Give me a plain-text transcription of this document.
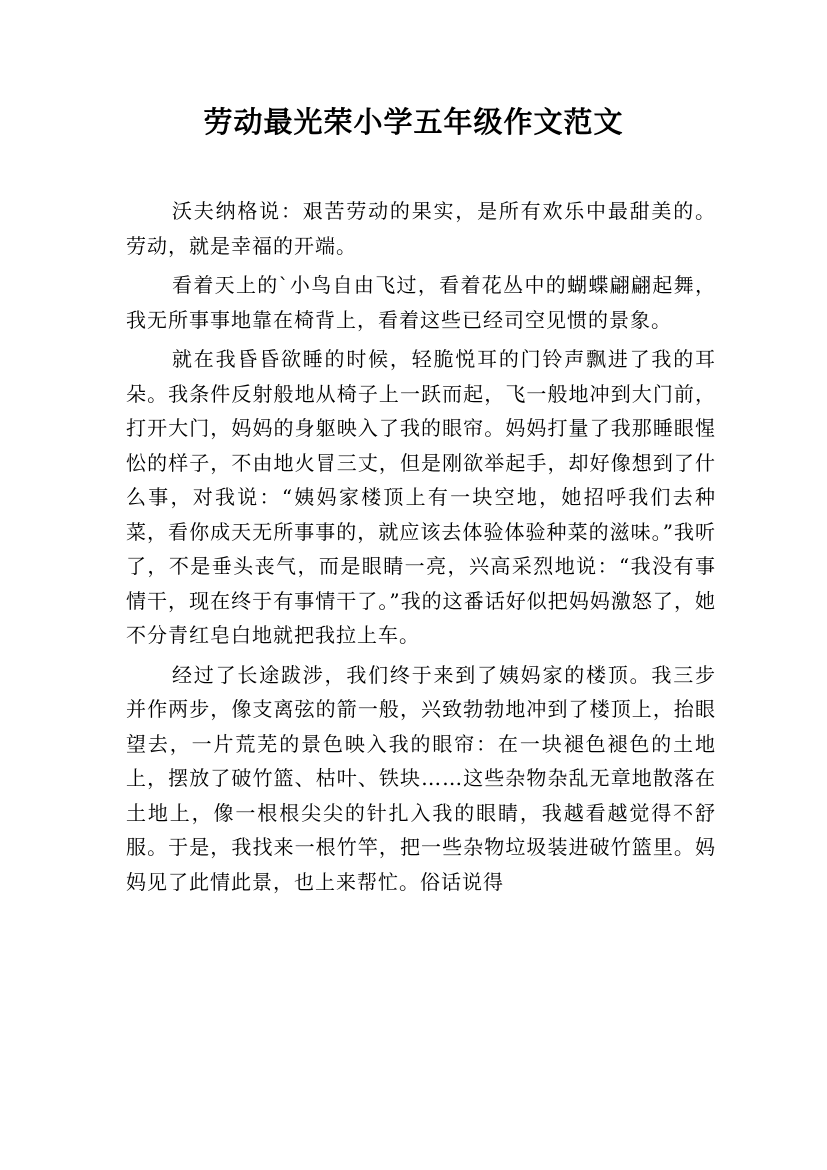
劳动最光荣小学五年级作文范文

沃夫纳格说：艰苦劳动的果实，是所有欢乐中最甜美的。劳动，就是幸福的开端。

看着天上的`小鸟自由飞过，看着花丛中的蝴蝶翩翩起舞，我无所事事地靠在椅背上，看着这些已经司空见惯的景象。

就在我昏昏欲睡的时候，轻脆悦耳的门铃声飘进了我的耳朵。我条件反射般地从椅子上一跃而起，飞一般地冲到大门前，打开大门，妈妈的身躯映入了我的眼帘。妈妈打量了我那睡眼惺忪的样子，不由地火冒三丈，但是刚欲举起手，却好像想到了什么事，对我说：“姨妈家楼顶上有一块空地，她招呼我们去种菜，看你成天无所事事的，就应该去体验体验种菜的滋味。”我听了，不是垂头丧气，而是眼睛一亮，兴高采烈地说：“我没有事情干，现在终于有事情干了。”我的这番话好似把妈妈激怒了，她不分青红皂白地就把我拉上车。

经过了长途跋涉，我们终于来到了姨妈家的楼顶。我三步并作两步，像支离弦的箭一般，兴致勃勃地冲到了楼顶上，抬眼望去，一片荒芜的景色映入我的眼帘：在一块褪色褪色的土地上，摆放了破竹篮、枯叶、铁块……这些杂物杂乱无章地散落在土地上，像一根根尖尖的针扎入我的眼睛，我越看越觉得不舒服。于是，我找来一根竹竿，把一些杂物垃圾装进破竹篮里。妈妈见了此情此景，也上来帮忙。俗话说得
